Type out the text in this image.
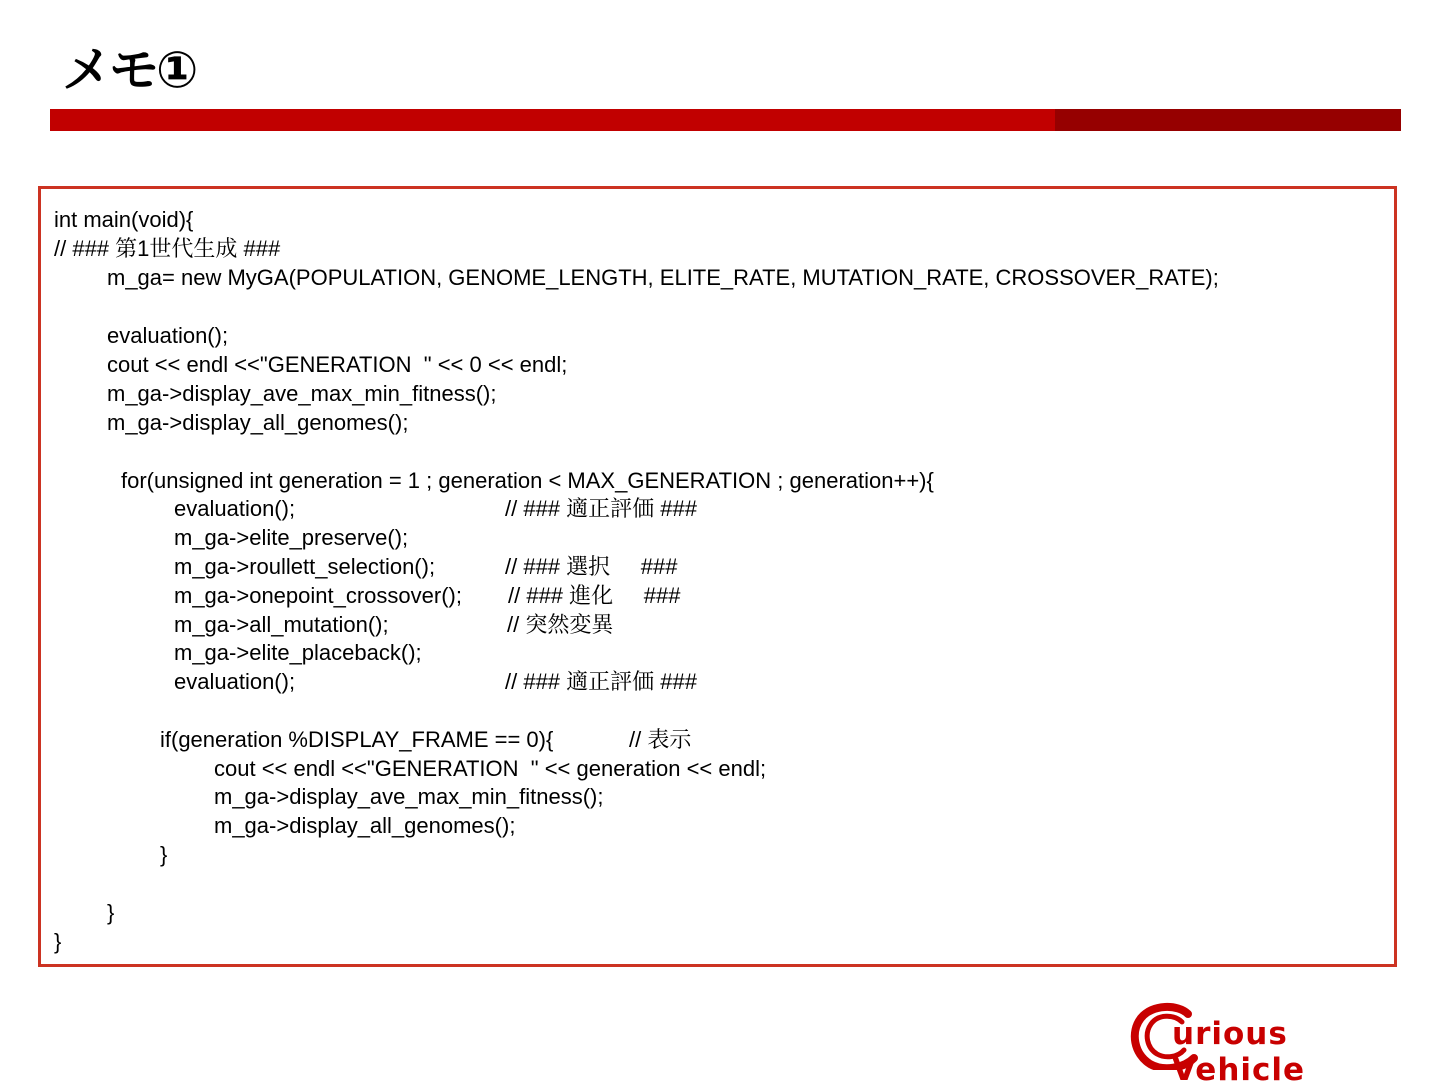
メモ①
int main(void){
// ### 第1世代生成 ###
m_ga= new MyGA(POPULATION, GENOME_LENGTH, ELITE_RATE, MUTATION_RATE, CROSSOVER_RATE);
evaluation();
cout << endl <<"GENERATION  " << 0 << endl;
m_ga->display_ave_max_min_fitness();
m_ga->display_all_genomes();
for(unsigned int generation = 1 ; generation < MAX_GENERATION ; generation++){
evaluation();	// ### 適正評価 ###
m_ga->elite_preserve();
m_ga->roullett_selection();	// ### 選択     ###
m_ga->onepoint_crossover(); // ### 進化     ###
m_ga->all_mutation();	// 突然変異
m_ga->elite_placeback();
evaluation();	// ### 適正評価 ###
if(generation %DISPLAY_FRAME == 0){	// 表示
cout << endl <<"GENERATION  " << generation << endl;
m_ga->display_ave_max_min_fitness();
m_ga->display_all_genomes();
}
}
}
urious Vehicle
